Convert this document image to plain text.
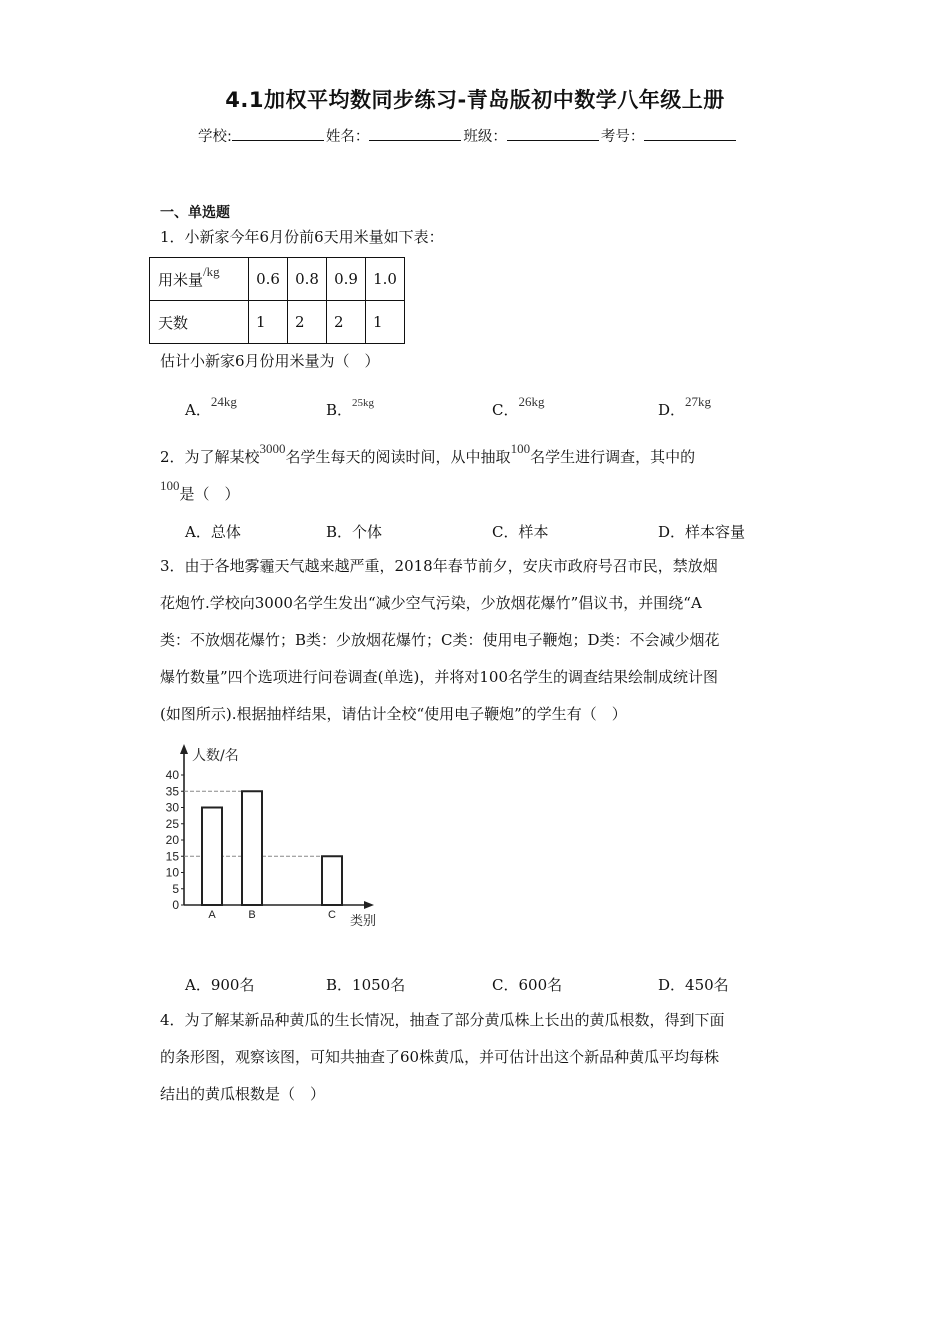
4.1加权平均数同步练习-青岛版初中数学八年级上册
学校:	姓名：	班级：	考号：
一、单选题
1．小新家今年6月份前6天用米量如下表：
用米量/kg	0.6	0.8	0.9	1.0
天数	1	2	2	1
估计小新家6月份用米量为（　）
A．24kg	B．$^{25kg}$	C．26kg	D．27kg
2．为了解某校3000名学生每天的阅读时间，从中抽取100名学生进行调查，其中的
100是（　）
A．总体	B．个体	C．样本	D．样本容量
3．由于各地雾霾天气越来越严重，2018年春节前夕，安庆市政府号召市民，禁放烟
花炮竹.学校向3000名学生发出“减少空气污染，少放烟花爆竹”倡议书，并围绕“A
类：不放烟花爆竹；B类：少放烟花爆竹；C类：使用电子鞭炮；D类：不会减少烟花
爆竹数量”四个选项进行问卷调查(单选)，并将对100名学生的调查结果绘制成统计图
(如图所示).根据抽样结果，请估计全校“使用电子鞭炮”的学生有（　）
人数/名
类别
0
5
10
15
20
25
30
35
40
A	B	C
A．900名	B．1050名	C．600名	D．450名
4．为了解某新品种黄瓜的生长情况，抽查了部分黄瓜株上长出的黄瓜根数，得到下面
的条形图，观察该图，可知共抽查了60株黄瓜，并可估计出这个新品种黄瓜平均每株
结出的黄瓜根数是（　）
